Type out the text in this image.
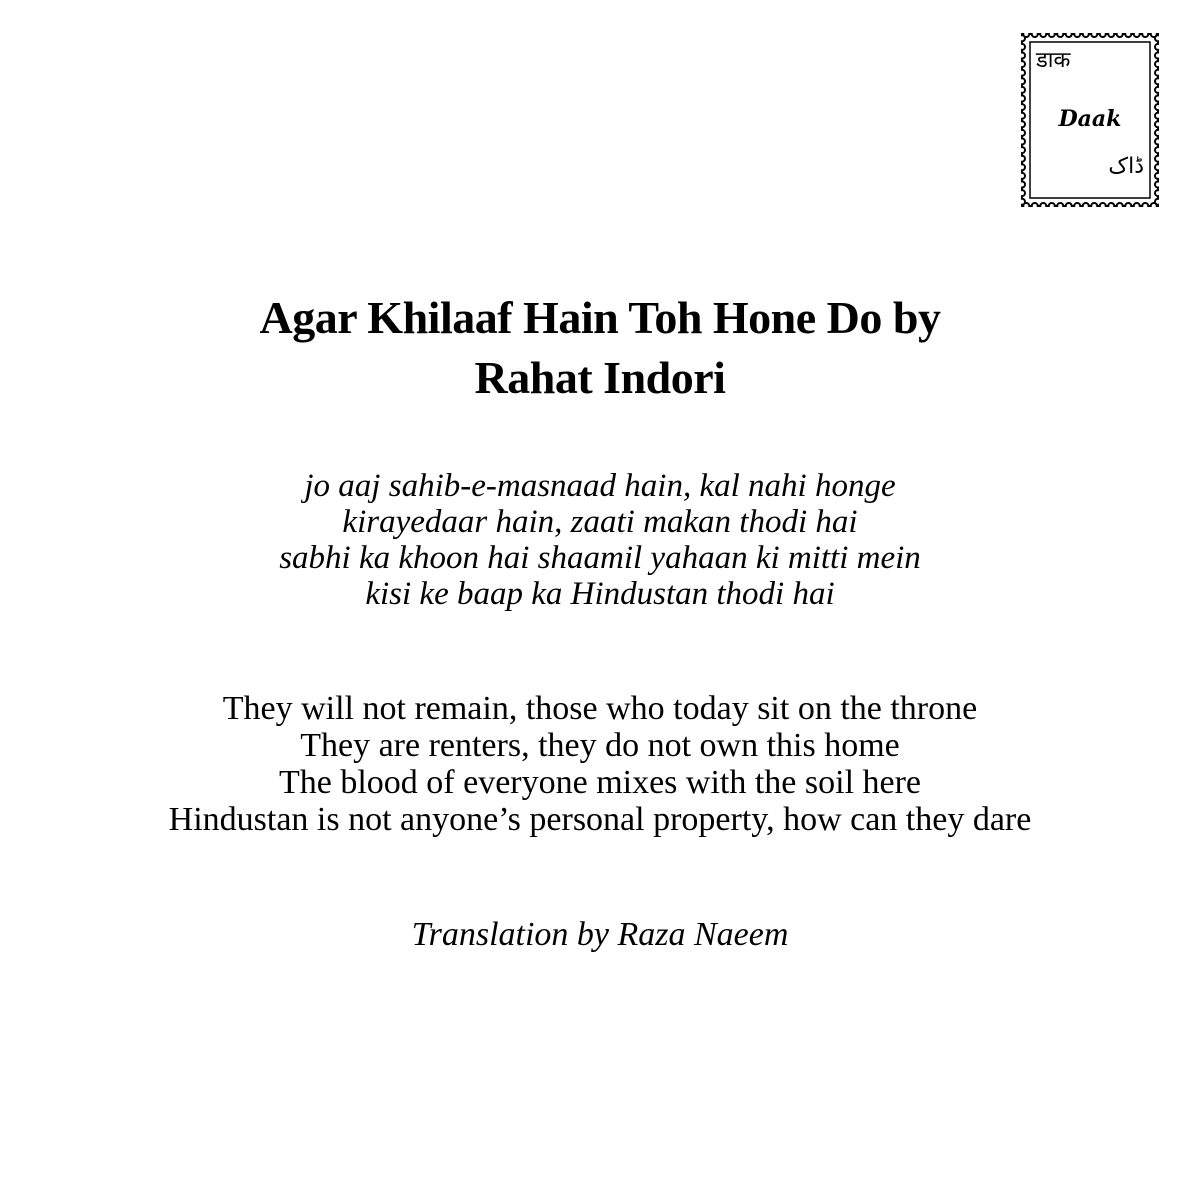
डाक
Daak
ڈاک
Agar Khilaaf Hain Toh Hone Do by
Rahat Indori
jo aaj sahib-e-masnaad hain, kal nahi honge
kirayedaar hain, zaati makan thodi hai
sabhi ka khoon hai shaamil yahaan ki mitti mein
kisi ke baap ka Hindustan thodi hai
They will not remain, those who today sit on the throne
They are renters, they do not own this home
The blood of everyone mixes with the soil here
Hindustan is not anyone’s personal property, how can they dare
Translation by Raza Naeem
